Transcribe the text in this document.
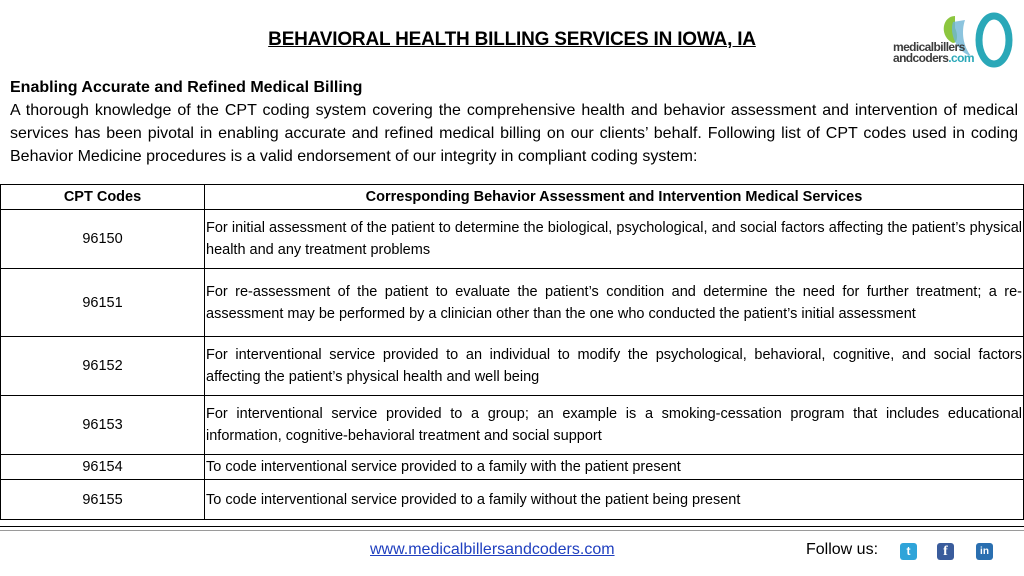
BEHAVIORAL HEALTH BILLING SERVICES IN IOWA, IA	medicalbillers
andcoders.com

Enabling Accurate and Refined Medical Billing

A thorough knowledge of the CPT coding system covering the comprehensive health and behavior assessment and intervention of medical services has been pivotal in enabling accurate and refined medical billing on our clients’ behalf. Following list of CPT codes used in coding Behavior Medicine procedures is a valid endorsement of our integrity in compliant coding system:

CPT Codes	Corresponding Behavior Assessment and Intervention Medical Services
96150	For initial assessment of the patient to determine the biological, psychological, and social factors affecting the patient’s physical health and any treatment problems
96151	For re-assessment of the patient to evaluate the patient’s condition and determine the need for further treatment; a re-assessment may be performed by a clinician other than the one who conducted the patient’s initial assessment
96152	For interventional service provided to an individual to modify the psychological, behavioral, cognitive, and social factors affecting the patient’s physical health and well being
96153	For interventional service provided to a group; an example is a smoking-cessation program that includes educational information, cognitive-behavioral treatment and social support
96154	To code interventional service provided to a family with the patient present
96155	To code interventional service provided to a family without the patient being present
www.medicalbillersandcoders.com	Follow us:	t	f	in
